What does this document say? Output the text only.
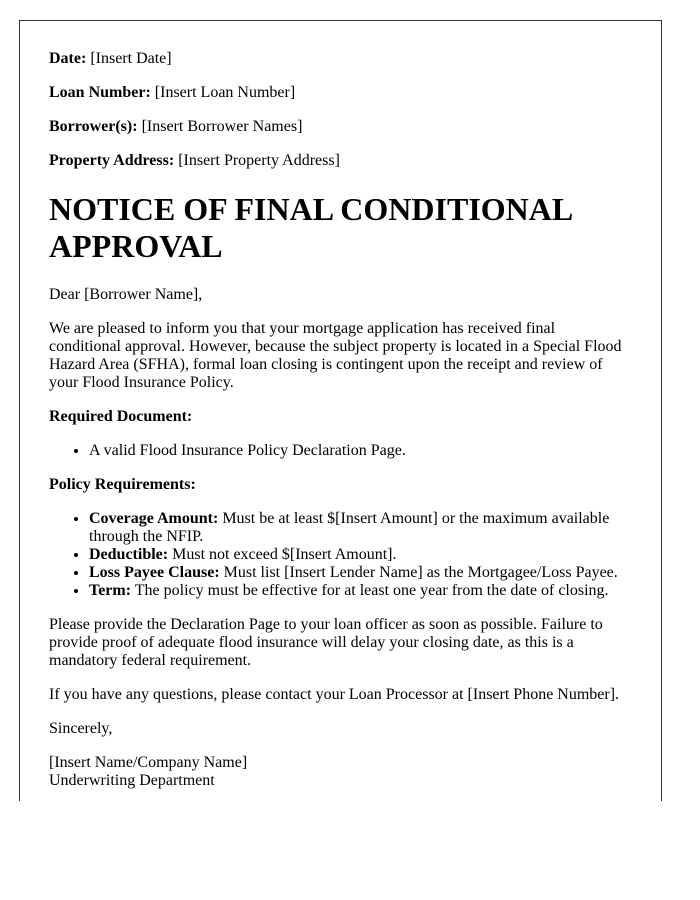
Date: [Insert Date]

Loan Number: [Insert Loan Number]

Borrower(s): [Insert Borrower Names]

Property Address: [Insert Property Address]

NOTICE OF FINAL CONDITIONAL APPROVAL

Dear [Borrower Name],

We are pleased to inform you that your mortgage application has received final conditional approval. However, because the subject property is located in a Special Flood Hazard Area (SFHA), formal loan closing is contingent upon the receipt and review of your Flood Insurance Policy.

Required Document:

• A valid Flood Insurance Policy Declaration Page.

Policy Requirements:

• Coverage Amount: Must be at least $[Insert Amount] or the maximum available through the NFIP.
• Deductible: Must not exceed $[Insert Amount].
• Loss Payee Clause: Must list [Insert Lender Name] as the Mortgagee/Loss Payee.
• Term: The policy must be effective for at least one year from the date of closing.

Please provide the Declaration Page to your loan officer as soon as possible. Failure to provide proof of adequate flood insurance will delay your closing date, as this is a mandatory federal requirement.

If you have any questions, please contact your Loan Processor at [Insert Phone Number].

Sincerely,

[Insert Name/Company Name]
Underwriting Department
